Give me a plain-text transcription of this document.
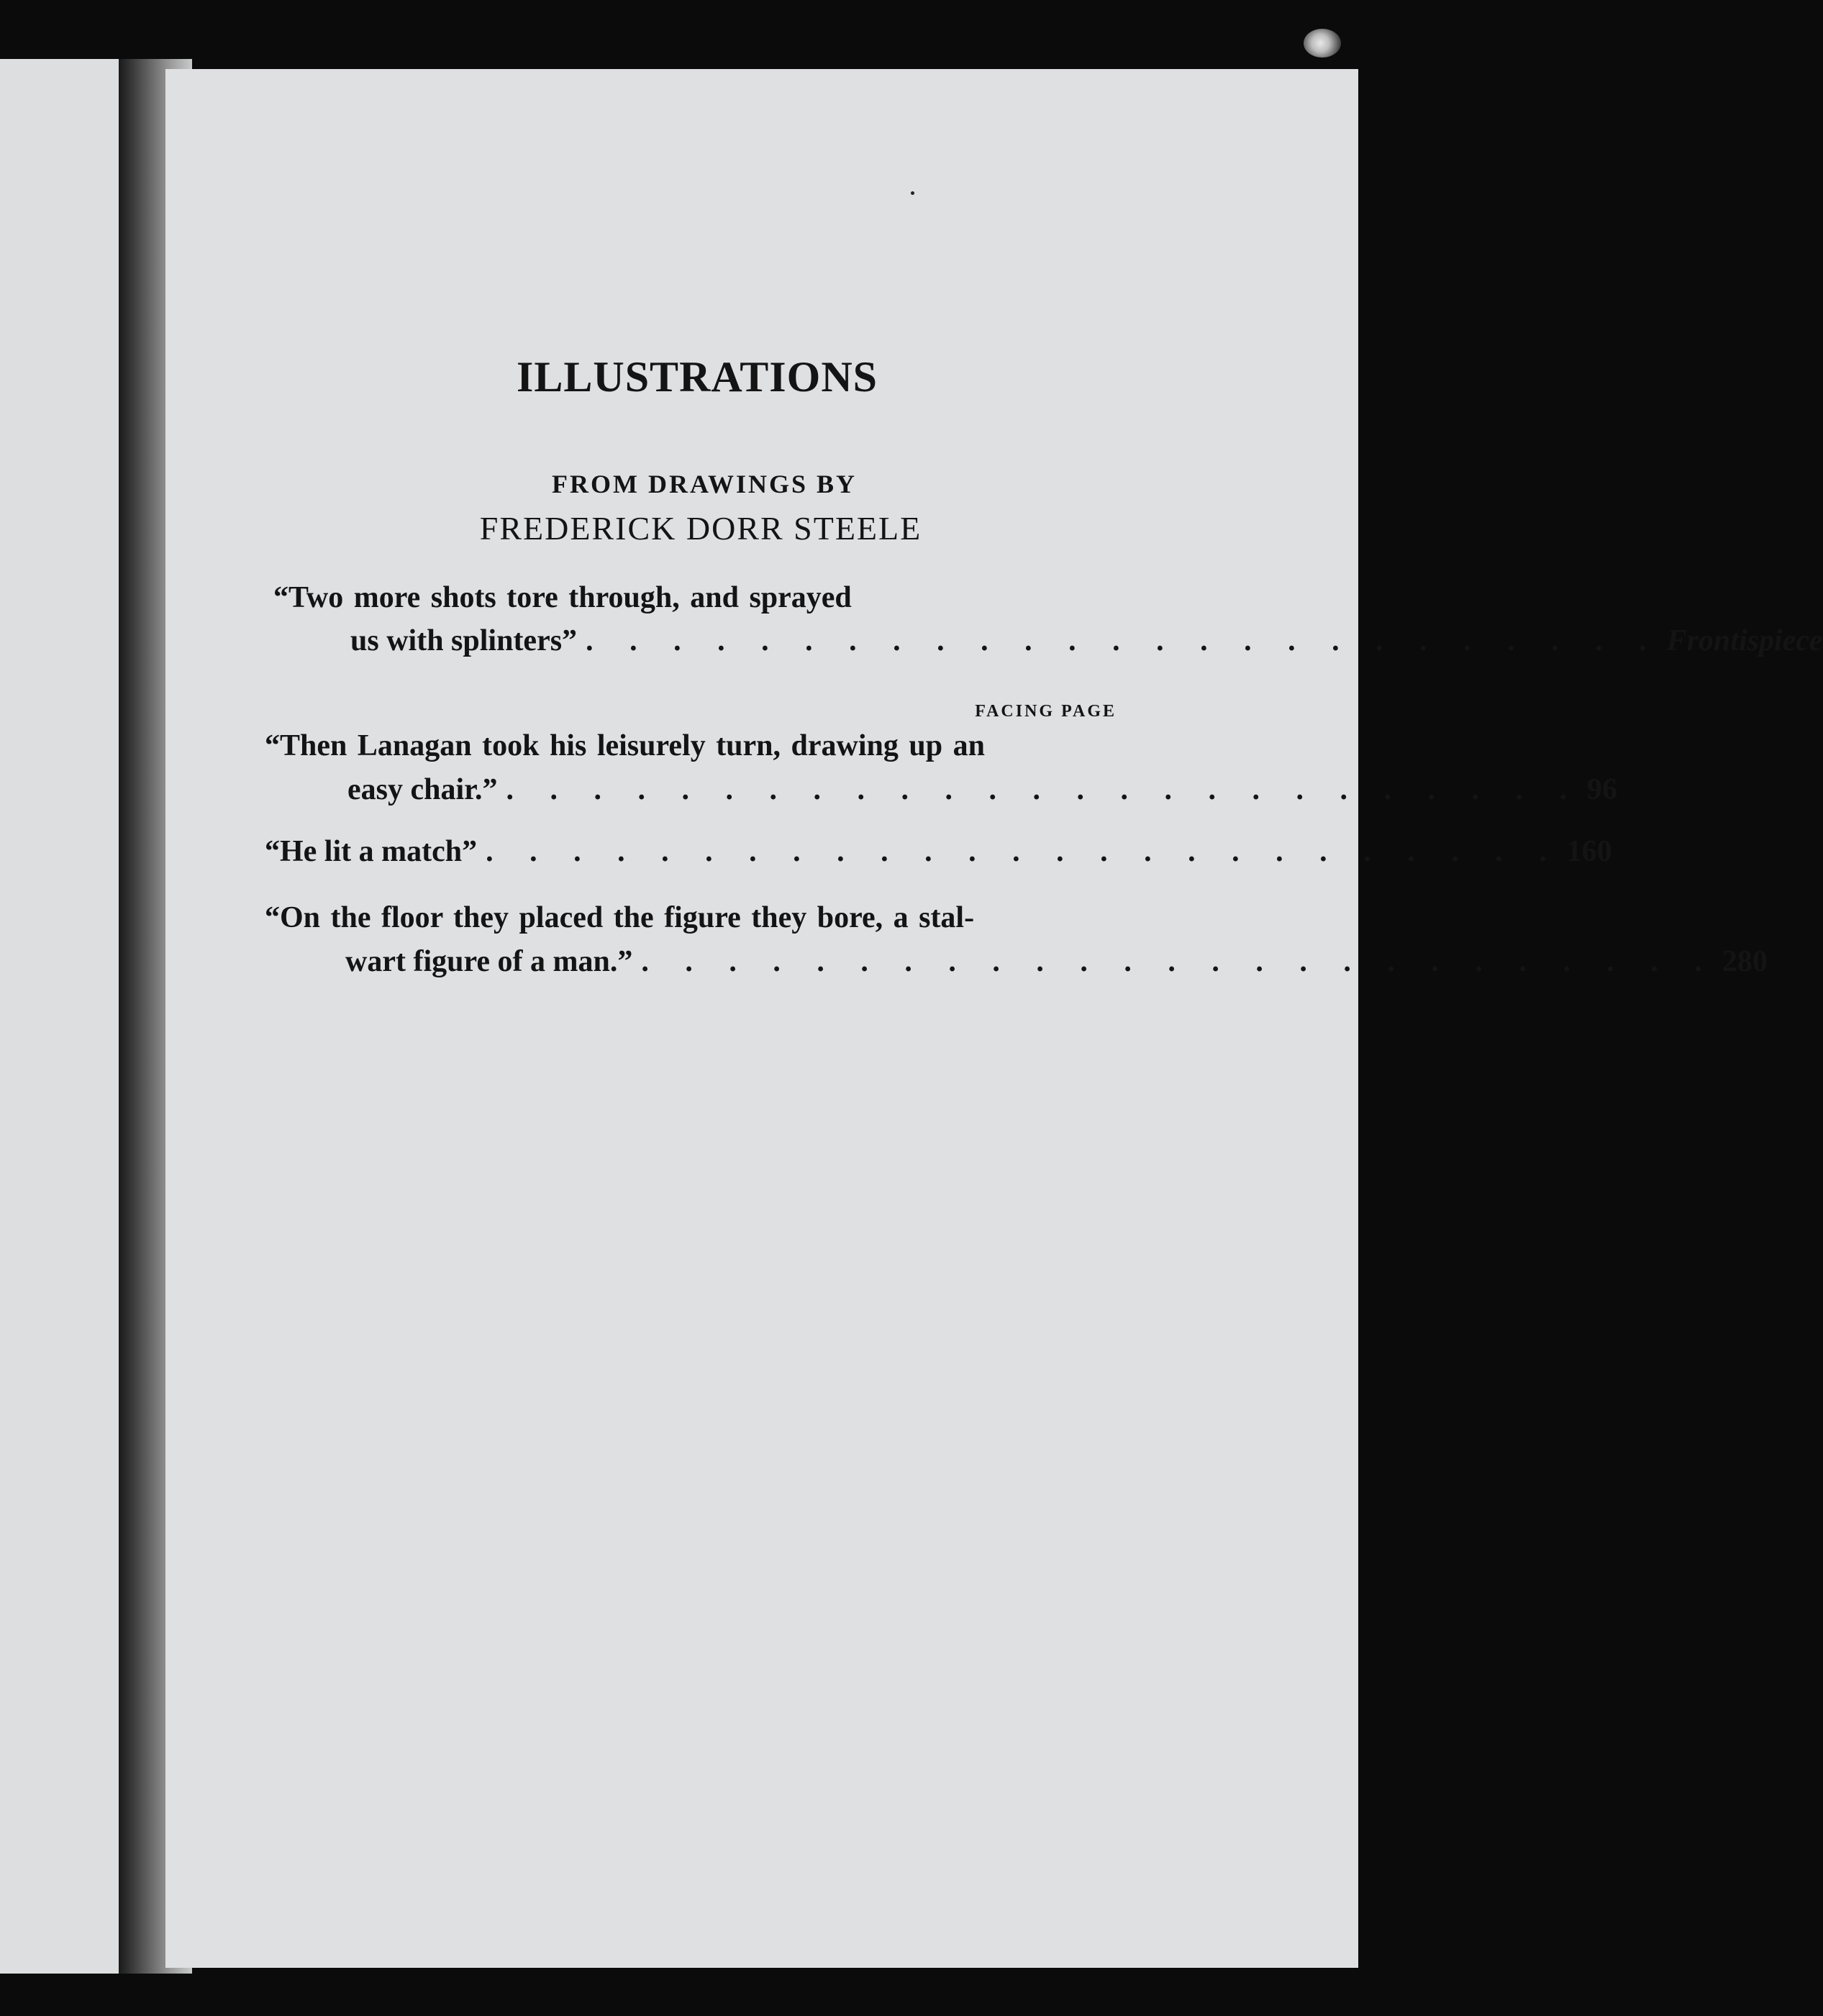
ILLUSTRATIONS
FROM DRAWINGS BY
FREDERICK DORR STEELE
“Two more shots tore through, and sprayed
us with splinters” . . . . . . . . . . . . . . . . . . . . . . . . . Frontispiece
FACING PAGE
“Then Lanagan took his leisurely turn, drawing up an
easy chair.” . . . . . . . . . . . . . . . . . . . . . . . . . 96
“He lit a match” . . . . . . . . . . . . . . . . . . . . . . . . . 160
“On the floor they placed the figure they bore, a stal-
wart figure of a man.” . . . . . . . . . . . . . . . . . . . . . . . . . 280
